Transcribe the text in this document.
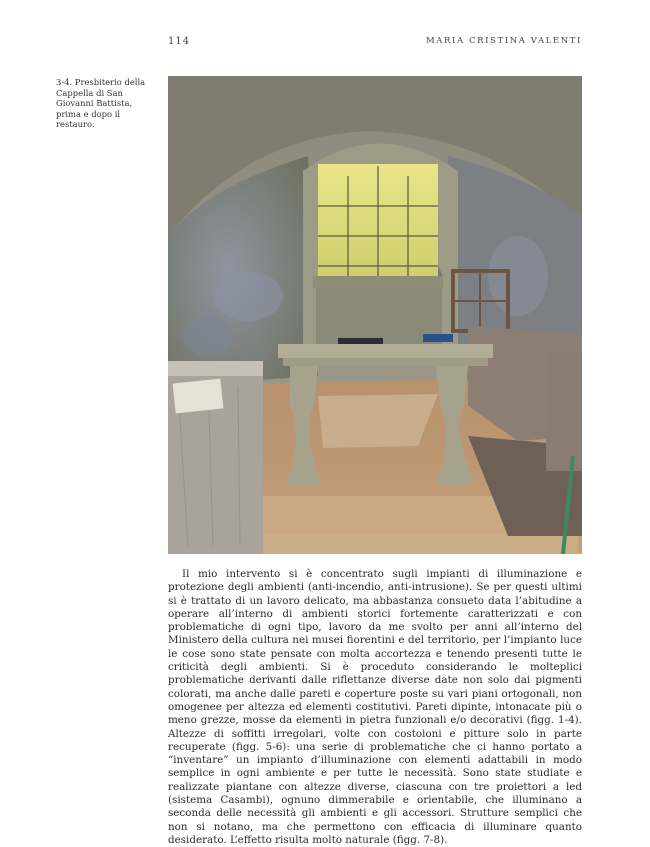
114	MARIA CRISTINA VALENTI
3-4. Presbiterio della Cappella di San Giovanni Battista, prima e dopo il restauro.

Il mio intervento si è concentrato sugli impianti di illuminazione e protezione degli ambienti (anti-incendio, anti-intrusione). Se per questi ultimi si è trattato di un lavoro delicato, ma abbastanza consueto data l’abitudine a operare all’interno di ambienti storici fortemente caratterizzati e con problematiche di ogni tipo, lavoro da me svolto per anni all’interno del Ministero della cultura nei musei fiorentini e del territorio, per l’impianto luce le cose sono state pensate con molta accortezza e tenendo presenti tutte le criticità degli ambienti. Si è proceduto considerando le molteplici problematiche derivanti dalle riflettanze diverse date non solo dai pigmenti colorati, ma anche dalle pareti e coperture poste su vari piani ortogonali, non omogenee per altezza ed elementi costitutivi. Pareti dipinte, intonacate più o meno grezze, mosse da elementi in pietra funzionali e/o decorativi (figg. 1-4). Altezze di soffitti irregolari, volte con costoloni e pitture solo in parte recuperate (figg. 5-6): una serie di problematiche che ci hanno portato a “inventare” un impianto d’illuminazione con elementi adattabili in modo semplice in ogni ambiente e per tutte le necessità. Sono state studiate e realizzate piantane con altezze diverse, ciascuna con tre proiettori a led (sistema Casambi), ognuno dimmerabile e orientabile, che illuminano a seconda delle necessità gli ambienti e gli accessori. Strutture semplici che non si notano, ma che permettono con efficacia di illuminare quanto desiderato. L’effetto risulta molto naturale (figg. 7-8).
